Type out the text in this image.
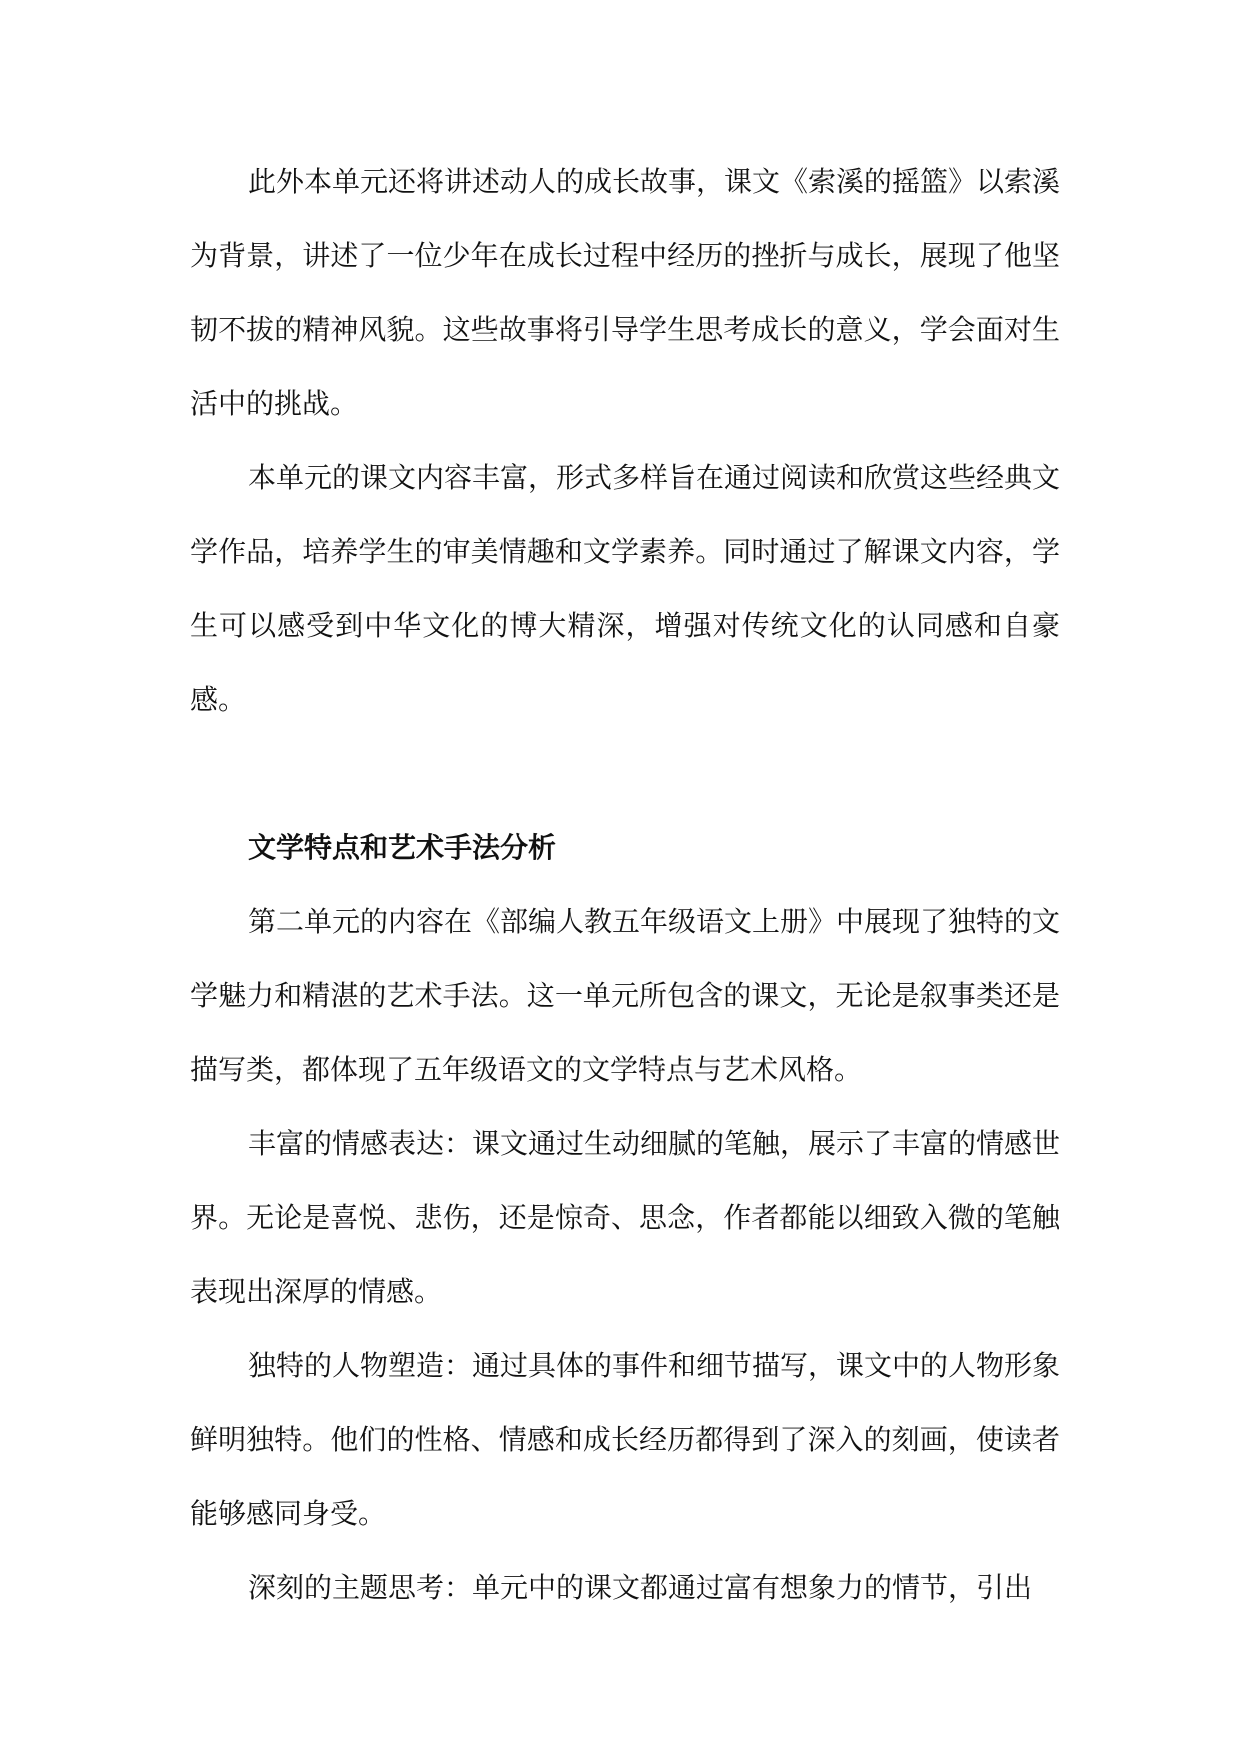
此外本单元还将讲述动人的成长故事，课文《索溪的摇篮》以索溪为背景，讲述了一位少年在成长过程中经历的挫折与成长，展现了他坚韧不拔的精神风貌。这些故事将引导学生思考成长的意义，学会面对生活中的挑战。

本单元的课文内容丰富，形式多样旨在通过阅读和欣赏这些经典文学作品，培养学生的审美情趣和文学素养。同时通过了解课文内容，学生可以感受到中华文化的博大精深，增强对传统文化的认同感和自豪感。

文学特点和艺术手法分析

第二单元的内容在《部编人教五年级语文上册》中展现了独特的文学魅力和精湛的艺术手法。这一单元所包含的课文，无论是叙事类还是描写类，都体现了五年级语文的文学特点与艺术风格。

丰富的情感表达：课文通过生动细腻的笔触，展示了丰富的情感世界。无论是喜悦、悲伤，还是惊奇、思念，作者都能以细致入微的笔触表现出深厚的情感。

独特的人物塑造：通过具体的事件和细节描写，课文中的人物形象鲜明独特。他们的性格、情感和成长经历都得到了深入的刻画，使读者能够感同身受。

深刻的主题思考：单元中的课文都通过富有想象力的情节，引出
